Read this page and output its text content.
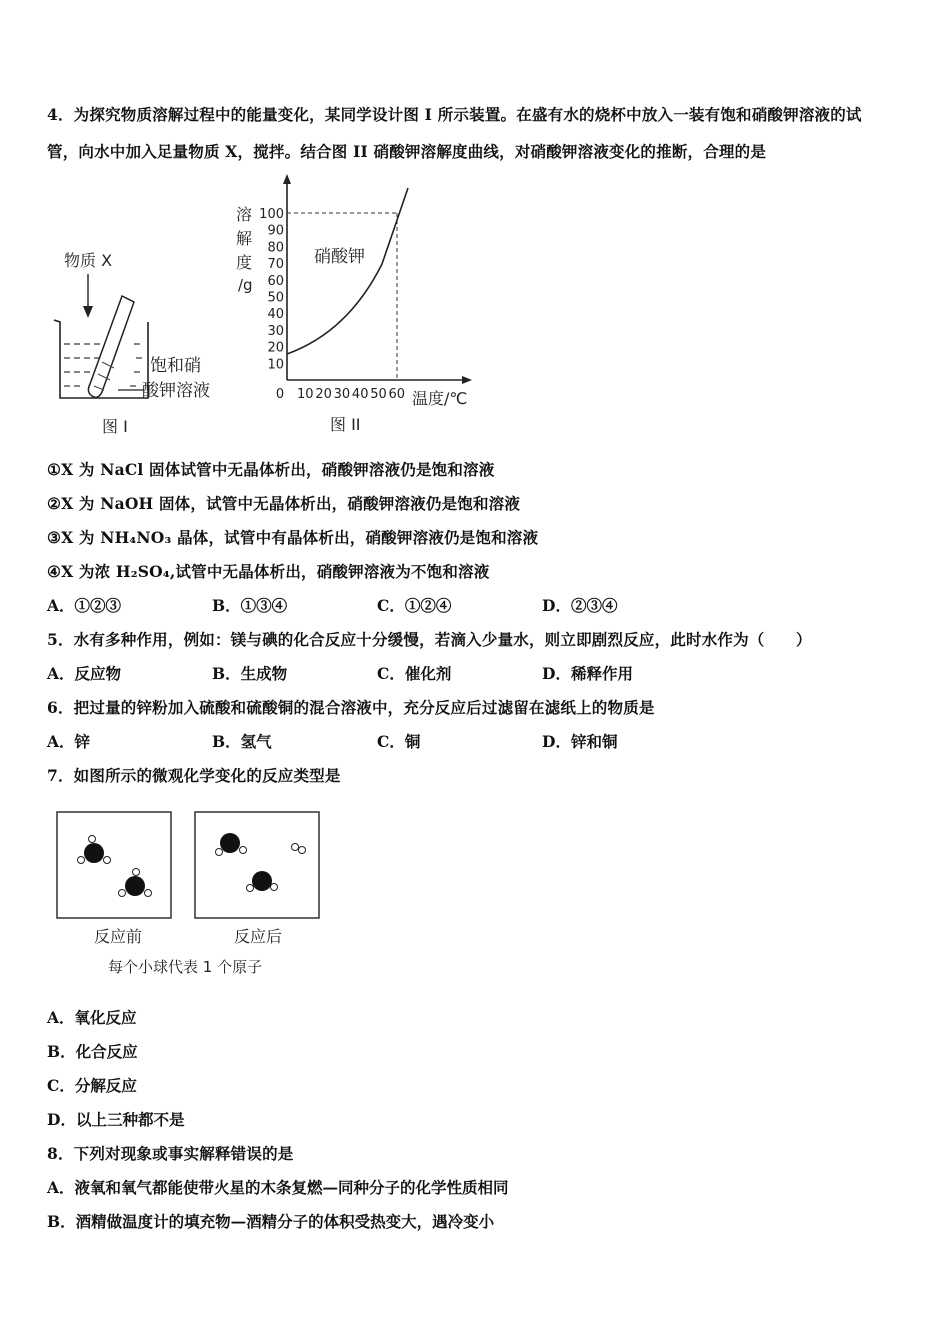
4．为探究物质溶解过程中的能量变化，某同学设计图 I 所示装置。在盛有水的烧杯中放入一装有饱和硝酸钾溶液的试
管，向水中加入足量物质 X，搅拌。结合图 II 硝酸钾溶解度曲线，对硝酸钾溶液变化的推断，合理的是
物质 X
饱和硝
酸钾溶液
图 I
溶
解
度
/g
100
90
80
70
60
50
40
30
20
10
0 10 20 30 40 50 60
硝酸钾
温度/℃
图 II
①X 为 NaCl 固体试管中无晶体析出，硝酸钾溶液仍是饱和溶液
②X 为 NaOH 固体，试管中无晶体析出，硝酸钾溶液仍是饱和溶液
③X 为 NH₄NO₃ 晶体，试管中有晶体析出，硝酸钾溶液仍是饱和溶液
④X 为浓 H₂SO₄,试管中无晶体析出，硝酸钾溶液为不饱和溶液
A．①②③	B．①③④	C．①②④	D．②③④
5．水有多种作用，例如：镁与碘的化合反应十分缓慢，若滴入少量水，则立即剧烈反应，此时水作为（　　）
A．反应物	B．生成物	C．催化剂	D．稀释作用
6．把过量的锌粉加入硫酸和硫酸铜的混合溶液中，充分反应后过滤留在滤纸上的物质是
A．锌	B．氢气	C．铜	D．锌和铜
7．如图所示的微观化学变化的反应类型是
反应前	反应后
每个小球代表 1 个原子
A．氧化反应
B．化合反应
C．分解反应
D．以上三种都不是
8．下列对现象或事实解释错误的是
A．液氧和氧气都能使带火星的木条复燃—同种分子的化学性质相同
B．酒精做温度计的填充物—酒精分子的体积受热变大，遇冷变小
